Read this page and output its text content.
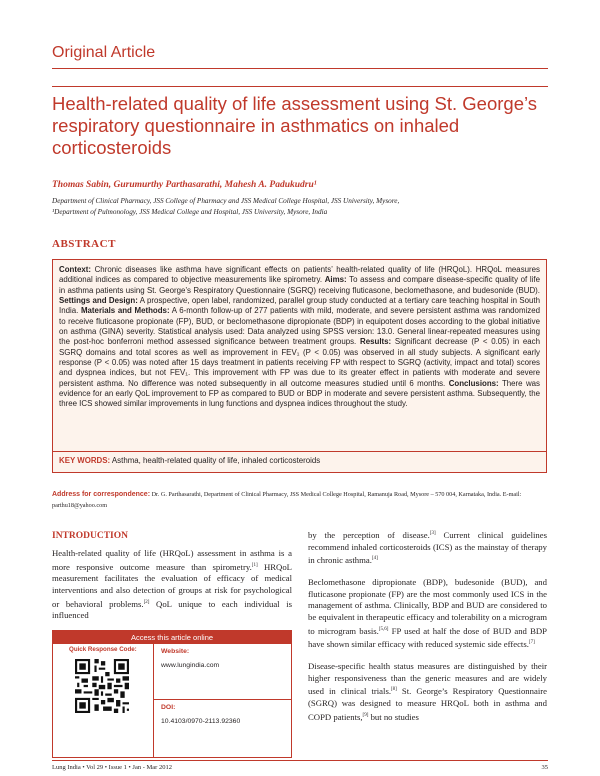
Original Article
Health-related quality of life assessment using St. George’s respiratory questionnaire in asthmatics on inhaled corticosteroids
Thomas Sabin, Gurumurthy Parthasarathi, Mahesh A. Padukudru¹
Department of Clinical Pharmacy, JSS College of Pharmacy and JSS Medical College Hospital, JSS University, Mysore,
¹Department of Pulmonology, JSS Medical College and Hospital, JSS University, Mysore, India
ABSTRACT
Context: Chronic diseases like asthma have significant effects on patients’ health-related quality of life (HRQoL). HRQoL measures additional indices as compared to objective measurements like spirometry. Aims: To assess and compare disease-specific quality of life in asthma patients using St. George’s Respiratory Questionnaire (SGRQ) receiving fluticasone, beclomethasone, and budesonide (BUD). Settings and Design: A prospective, open label, randomized, parallel group study conducted at a tertiary care teaching hospital in South India. Materials and Methods: A 6-month follow-up of 277 patients with mild, moderate, and severe persistent asthma was randomized to receive fluticasone propionate (FP), BUD, or beclomethasone dipropionate (BDP) in equipotent doses according to the global initiative on asthma (GINA) severity. Statistical analysis used: Data analyzed using SPSS version: 13.0. General linear-repeated measures using the post-hoc bonferroni method assessed significance between treatment groups. Results: Significant decrease (P < 0.05) in each SGRQ domains and total scores as well as improvement in FEV₁ (P < 0.05) was observed in all study subjects. A significant early response (P < 0.05) was noted after 15 days treatment in patients receiving FP with respect to SGRQ (activity, impact and total) scores and dyspnea indices, but not FEV₁. This improvement with FP was due to its greater effect in patients with moderate and severe persistent asthma. No difference was noted subsequently in all outcome measures studied until 6 months. Conclusions: There was evidence for an early QoL improvement to FP as compared to BUD or BDP in moderate and severe persistent asthma. Subsequently, the three ICS showed similar improvements in lung functions and dyspnea indices throughout the study.
KEY WORDS: Asthma, health-related quality of life, inhaled corticosteroids
Address for correspondence: Dr. G. Parthasarathi, Department of Clinical Pharmacy, JSS Medical College Hospital, Ramanuja Road, Mysore – 570 004, Karnataka, India. E-mail: parthu18@yahoo.com
INTRODUCTION

Health-related quality of life (HRQoL) assessment in asthma is a more responsive outcome measure than spirometry.[1] HRQoL measurement facilitates the evaluation of efficacy of medical interventions and also detection of groups at risk for psychological or behavioral problems.[2] QoL unique to each individual is influenced

Access this article online
Quick Response Code:	Website:
www.lungindia.com
DOI:
10.4103/0970-2113.92360

by the perception of disease.[3] Current clinical guidelines recommend inhaled corticosteroids (ICS) as the mainstay of therapy in chronic asthma.[4]

Beclomethasone dipropionate (BDP), budesonide (BUD), and fluticasone propionate (FP) are the most commonly used ICS in the management of asthma. Clinically, BDP and BUD are considered to be equivalent in therapeutic efficacy and tolerability on a microgram to microgram basis.[5,6] FP used at half the dose of BUD and BDP have shown similar efficacy with reduced systemic side effects.[7]

Disease-specific health status measures are distinguished by their higher responsiveness than the generic measures and are widely used in clinical trials.[8] St. George’s Respiratory Questionnaire (SGRQ) was designed to measure HRQoL both in asthma and COPD patients,[9] but no studies

Lung India • Vol 29 • Issue 1 • Jan - Mar 2012	35
